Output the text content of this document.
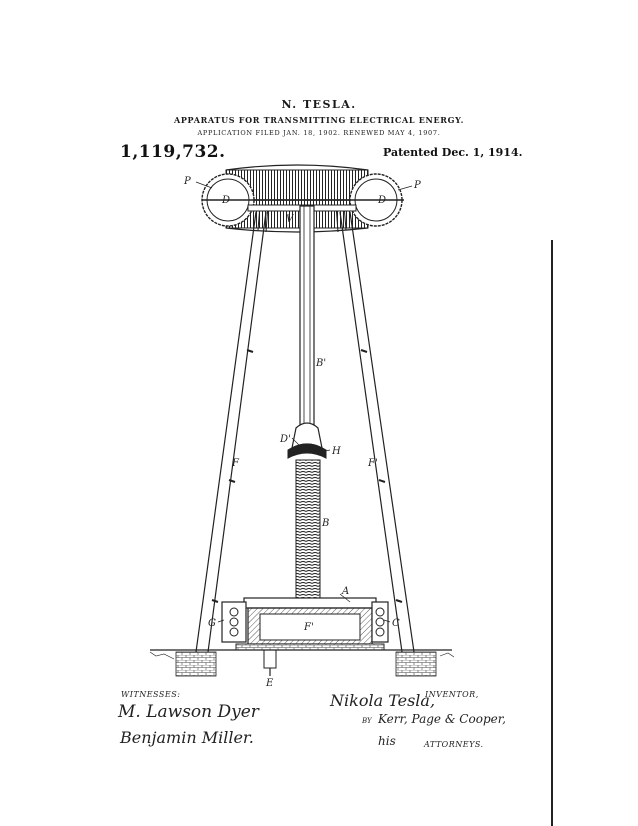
N. TESLA.
APPARATUS FOR TRANSMITTING ELECTRICAL ENERGY.
APPLICATION FILED JAN. 18, 1902. RENEWED MAY 4, 1907.
1,119,732.	Patented Dec. 1, 1914.
P	P
D	D
V
B'
D'
H
F	F'
B
A
G	C
F'
E
WITNESSES:
M. Lawson Dyer
Benjamin Miller.
Nikola Tesla,
INVENTOR,
BY Kerr, Page & Cooper,
his	ATTORNEYS.
